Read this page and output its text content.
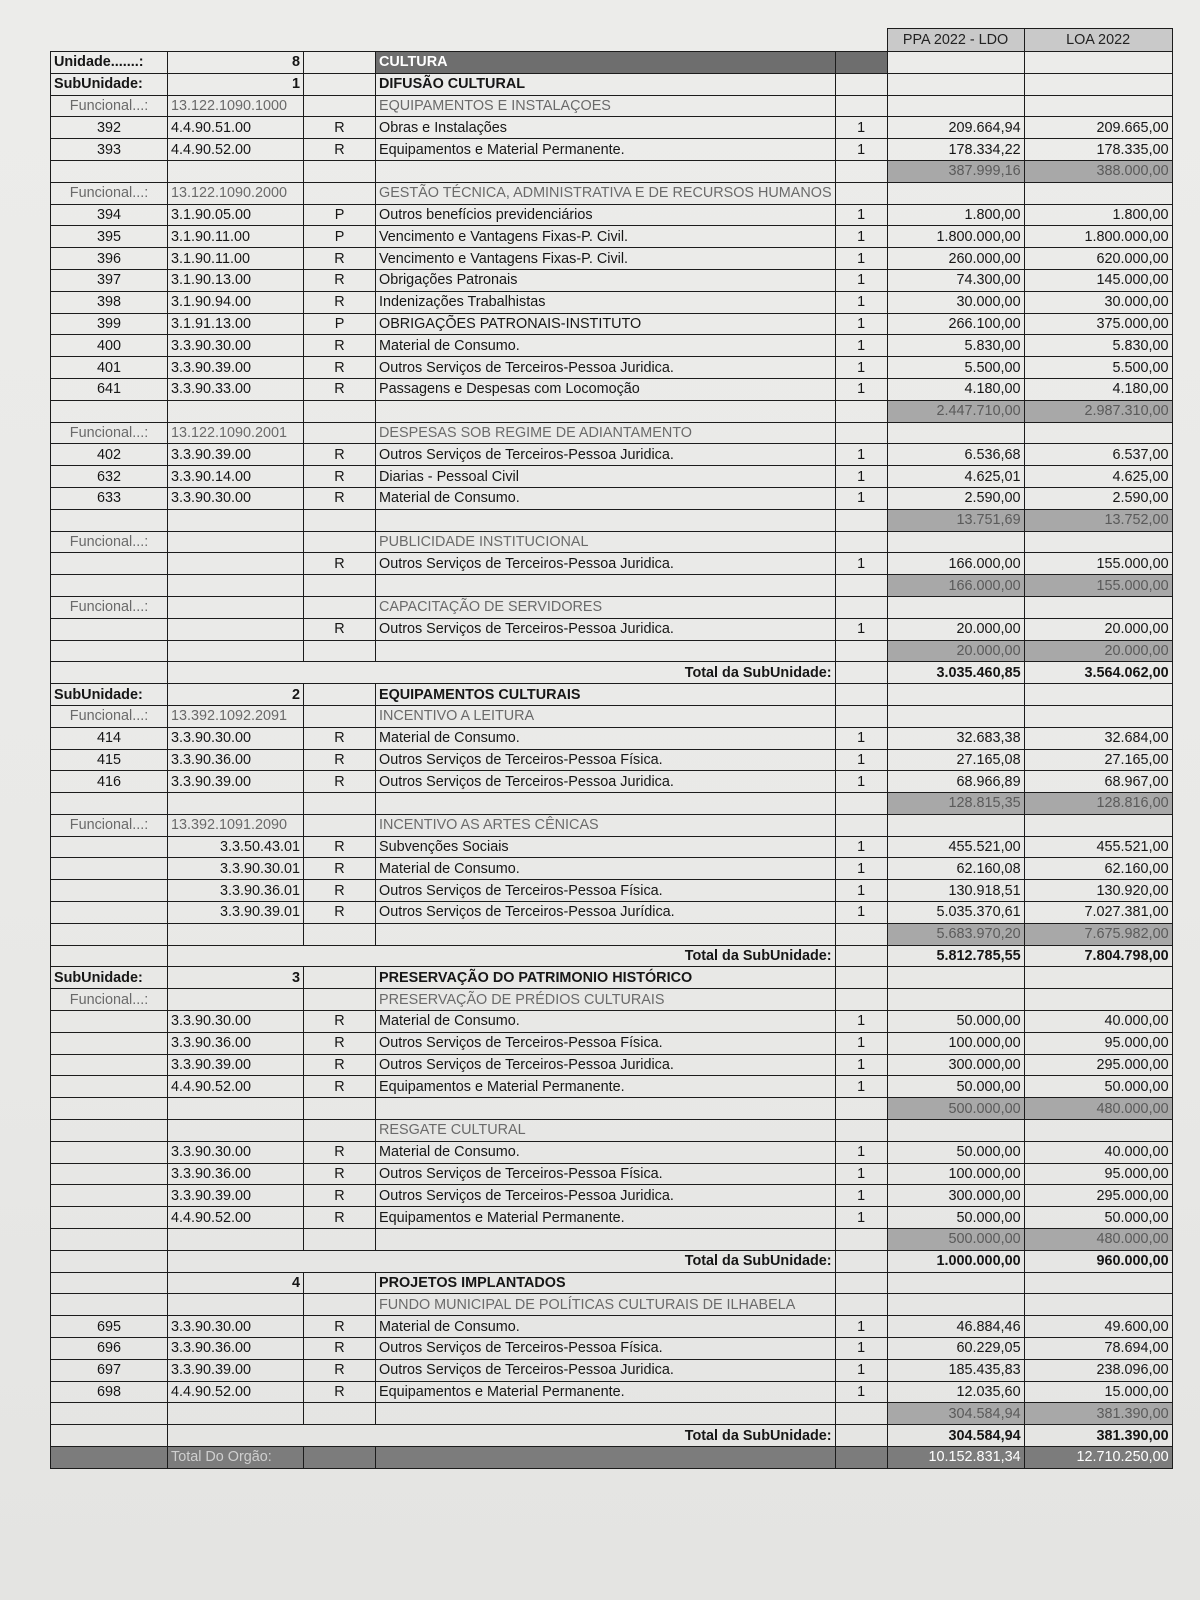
					PPA 2022 - LDO	LOA 2022
Unidade.......:	8		CULTURA			
SubUnidade:	1		DIFUSÃO CULTURAL			
Funcional...:	13.122.1090.1000		EQUIPAMENTOS E INSTALAÇOES			
392	4.4.90.51.00	R	Obras e Instalações	1	209.664,94	209.665,00
393	4.4.90.52.00	R	Equipamentos e Material Permanente.	1	178.334,22	178.335,00
					387.999,16	388.000,00
Funcional...:	13.122.1090.2000		GESTÃO TÉCNICA, ADMINISTRATIVA E DE RECURSOS HUMANOS			
394	3.1.90.05.00	P	Outros benefícios previdenciários	1	1.800,00	1.800,00
395	3.1.90.11.00	P	Vencimento e Vantagens Fixas-P. Civil.	1	1.800.000,00	1.800.000,00
396	3.1.90.11.00	R	Vencimento e Vantagens Fixas-P. Civil.	1	260.000,00	620.000,00
397	3.1.90.13.00	R	Obrigações Patronais	1	74.300,00	145.000,00
398	3.1.90.94.00	R	Indenizações Trabalhistas	1	30.000,00	30.000,00
399	3.1.91.13.00	P	OBRIGAÇÕES PATRONAIS-INSTITUTO	1	266.100,00	375.000,00
400	3.3.90.30.00	R	Material de Consumo.	1	5.830,00	5.830,00
401	3.3.90.39.00	R	Outros Serviços de Terceiros-Pessoa Juridica.	1	5.500,00	5.500,00
641	3.3.90.33.00	R	Passagens e Despesas com Locomoção	1	4.180,00	4.180,00
					2.447.710,00	2.987.310,00
Funcional...:	13.122.1090.2001		DESPESAS SOB REGIME DE ADIANTAMENTO			
402	3.3.90.39.00	R	Outros Serviços de Terceiros-Pessoa Juridica.	1	6.536,68	6.537,00
632	3.3.90.14.00	R	Diarias - Pessoal Civil	1	4.625,01	4.625,00
633	3.3.90.30.00	R	Material de Consumo.	1	2.590,00	2.590,00
					13.751,69	13.752,00
Funcional...:			PUBLICIDADE INSTITUCIONAL			
		R	Outros Serviços de Terceiros-Pessoa Juridica.	1	166.000,00	155.000,00
					166.000,00	155.000,00
Funcional...:			CAPACITAÇÃO DE SERVIDORES			
		R	Outros Serviços de Terceiros-Pessoa Juridica.	1	20.000,00	20.000,00
					20.000,00	20.000,00
	Total da SubUnidade:				3.035.460,85	3.564.062,00
SubUnidade:	2		EQUIPAMENTOS CULTURAIS			
Funcional...:	13.392.1092.2091		INCENTIVO A LEITURA			
414	3.3.90.30.00	R	Material de Consumo.	1	32.683,38	32.684,00
415	3.3.90.36.00	R	Outros Serviços de Terceiros-Pessoa Física.	1	27.165,08	27.165,00
416	3.3.90.39.00	R	Outros Serviços de Terceiros-Pessoa Juridica.	1	68.966,89	68.967,00
					128.815,35	128.816,00
Funcional...:	13.392.1091.2090		INCENTIVO AS ARTES CÊNICAS			
	3.3.50.43.01	R	Subvenções Sociais	1	455.521,00	455.521,00
	3.3.90.30.01	R	Material de Consumo.	1	62.160,08	62.160,00
	3.3.90.36.01	R	Outros Serviços de Terceiros-Pessoa Física.	1	130.918,51	130.920,00
	3.3.90.39.01	R	Outros Serviços de Terceiros-Pessoa Jurídica.	1	5.035.370,61	7.027.381,00
					5.683.970,20	7.675.982,00
	Total da SubUnidade:				5.812.785,55	7.804.798,00
SubUnidade:	3		PRESERVAÇÃO DO PATRIMONIO HISTÓRICO			
Funcional...:			PRESERVAÇÃO DE PRÉDIOS CULTURAIS			
	3.3.90.30.00	R	Material de Consumo.	1	50.000,00	40.000,00
	3.3.90.36.00	R	Outros Serviços de Terceiros-Pessoa Física.	1	100.000,00	95.000,00
	3.3.90.39.00	R	Outros Serviços de Terceiros-Pessoa Juridica.	1	300.000,00	295.000,00
	4.4.90.52.00	R	Equipamentos e Material Permanente.	1	50.000,00	50.000,00
					500.000,00	480.000,00
			RESGATE CULTURAL			
	3.3.90.30.00	R	Material de Consumo.	1	50.000,00	40.000,00
	3.3.90.36.00	R	Outros Serviços de Terceiros-Pessoa Física.	1	100.000,00	95.000,00
	3.3.90.39.00	R	Outros Serviços de Terceiros-Pessoa Juridica.	1	300.000,00	295.000,00
	4.4.90.52.00	R	Equipamentos e Material Permanente.	1	50.000,00	50.000,00
					500.000,00	480.000,00
	Total da SubUnidade:				1.000.000,00	960.000,00
	4		PROJETOS IMPLANTADOS			
			FUNDO MUNICIPAL DE POLÍTICAS CULTURAIS DE ILHABELA			
695	3.3.90.30.00	R	Material de Consumo.	1	46.884,46	49.600,00
696	3.3.90.36.00	R	Outros Serviços de Terceiros-Pessoa Física.	1	60.229,05	78.694,00
697	3.3.90.39.00	R	Outros Serviços de Terceiros-Pessoa Juridica.	1	185.435,83	238.096,00
698	4.4.90.52.00	R	Equipamentos e Material Permanente.	1	12.035,60	15.000,00
					304.584,94	381.390,00
	Total da SubUnidade:				304.584,94	381.390,00
	Total Do Orgão:				10.152.831,34	12.710.250,00
